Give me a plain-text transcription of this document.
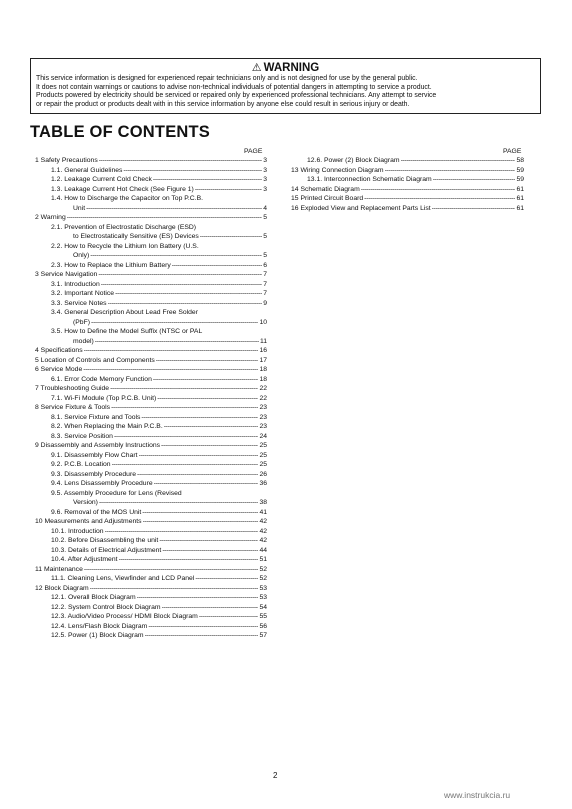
⚠ WARNING
This service information is designed for experienced repair technicians only and is not designed for use by the general public.
It does not contain warnings or cautions to advise non-technical individuals of potential dangers in attempting to service a product.
Products powered by electricity should be serviced or repaired only by experienced professional technicians. Any attempt to service
or repair the product or products dealt with in this service information by anyone else could result in serious injury or death.
TABLE OF CONTENTS
PAGE	PAGE
1 Safety Precautions -----	3
1.1. General Guidelines -----	3
1.2. Leakage Current Cold Check -----	3
1.3. Leakage Current Hot Check (See Figure 1) -----	3
1.4. How to Discharge the Capacitor on Top P.C.B.
Unit -----	4
2 Warning -----	5
2.1. Prevention of Electrostatic Discharge (ESD)
to Electrostatically Sensitive (ES) Devices -----	5
2.2. How to Recycle the Lithium Ion Battery (U.S.
Only) -----	5
2.3. How to Replace the Lithium Battery -----	6
3 Service Navigation -----	7
3.1. Introduction -----	7
3.2. Important Notice -----	7
3.3. Service Notes -----	9
3.4. General Description About Lead Free Solder
(PbF) -----	10
3.5. How to Define the Model Suffix (NTSC or PAL
model) -----	11
4 Specifications -----	16
5 Location of Controls and Components -----	17
6 Service Mode -----	18
6.1. Error Code Memory Function -----	18
7 Troubleshooting Guide -----	22
7.1. Wi-Fi Module (Top P.C.B. Unit) -----	22
8 Service Fixture & Tools -----	23
8.1. Service Fixture and Tools -----	23
8.2. When Replacing the Main P.C.B. -----	23
8.3. Service Position -----	24
9 Disassembly and Assembly Instructions -----	25
9.1. Disassembly Flow Chart -----	25
9.2. P.C.B. Location -----	25
9.3. Disassembly Procedure -----	26
9.4. Lens Disassembly Procedure -----	36
9.5. Assembly Procedure for Lens (Revised
Version) -----	38
9.6. Removal of the MOS Unit -----	41
10 Measurements and Adjustments -----	42
10.1. Introduction -----	42
10.2. Before Disassembling the unit -----	42
10.3. Details of Electrical Adjustment -----	44
10.4. After Adjustment -----	51
11 Maintenance -----	52
11.1. Cleaning Lens, Viewfinder and LCD Panel -----	52
12 Block Diagram -----	53
12.1. Overall Block Diagram -----	53
12.2. System Control Block Diagram -----	54
12.3. Audio/Video Process/ HDMI Block Diagram -----	55
12.4. Lens/Flash Block Diagram -----	56
12.5. Power (1) Block Diagram -----	57
12.6. Power (2) Block Diagram -----	58
13 Wiring Connection Diagram -----	59
13.1. Interconnection Schematic Diagram -----	59
14 Schematic Diagram -----	61
15 Printed Circuit Board -----	61
16 Exploded View and Replacement Parts List -----	61
2
www.instrukcia.ru
